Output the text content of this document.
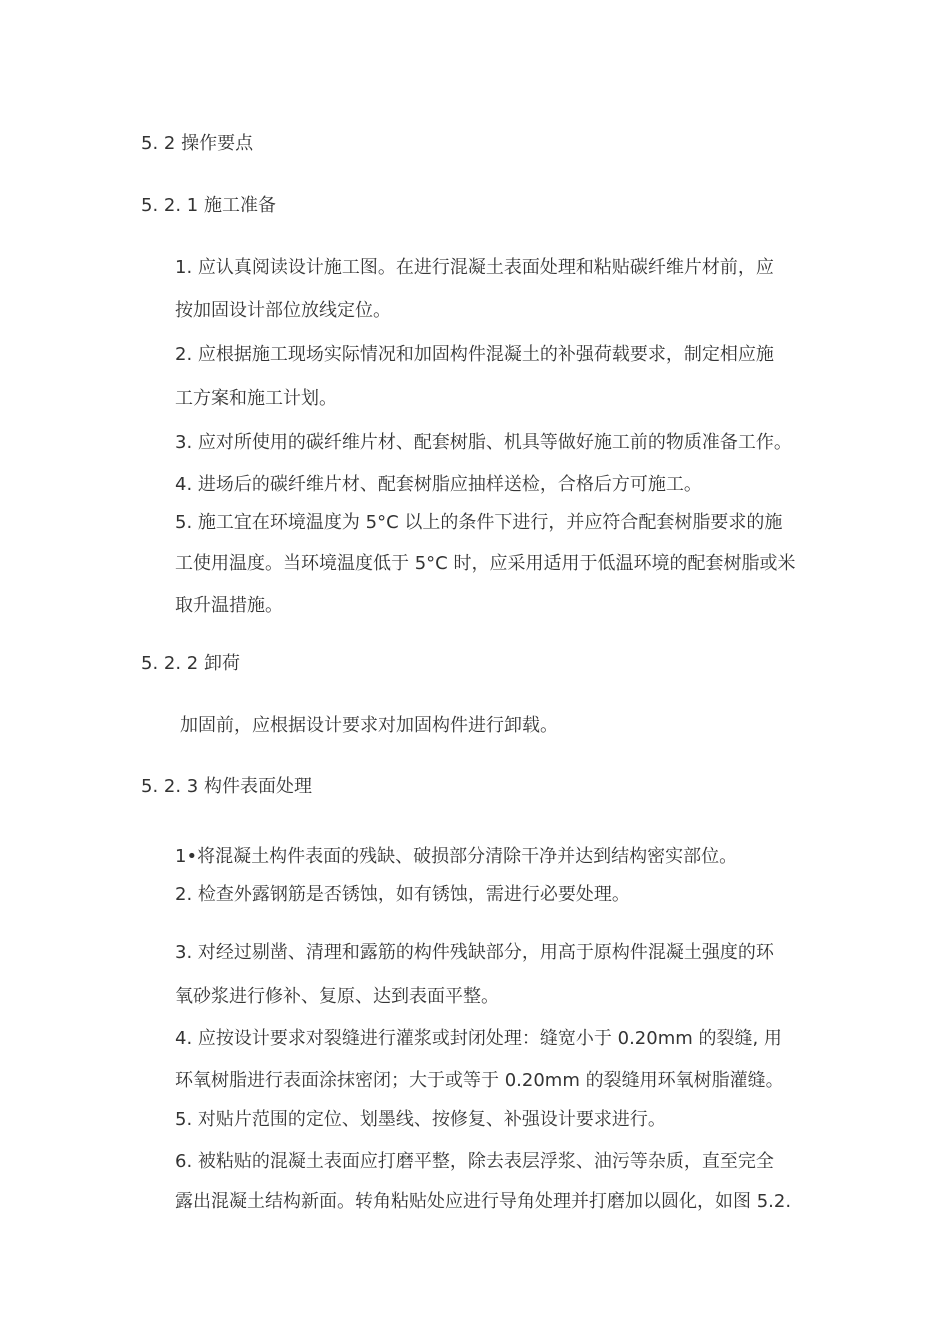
5. 2 操作要点
5. 2. 1 施工准备
1. 应认真阅读设计施工图。在进行混凝土表面处理和粘贴碳纤维片材前，应
按加固设计部位放线定位。
2. 应根据施工现场实际情况和加固构件混凝土的补强荷载要求，制定相应施
工方案和施工计划。
3. 应对所使用的碳纤维片材、配套树脂、机具等做好施工前的物质准备工作。
4. 进场后的碳纤维片材、配套树脂应抽样送检，合格后方可施工。
5. 施工宜在环境温度为 5°C 以上的条件下进行，并应符合配套树脂要求的施
工使用温度。当环境温度低于 5°C 时，应采用适用于低温环境的配套树脂或米
取升温措施。
5. 2. 2 卸荷
加固前，应根据设计要求对加固构件进行卸载。
5. 2. 3 构件表面处理
1•将混凝土构件表面的残缺、破损部分清除干净并达到结构密实部位。
2. 检查外露钢筋是否锈蚀，如有锈蚀，需进行必要处理。
3. 对经过剔凿、清理和露筋的构件残缺部分，用高于原构件混凝土强度的环
氧砂浆进行修补、复原、达到表面平整。
4. 应按设计要求对裂缝进行灌浆或封闭处理：缝宽小于 0.20mm 的裂缝, 用
环氧树脂进行表面涂抹密闭；大于或等于 0.20mm 的裂缝用环氧树脂灌缝。
5. 对贴片范围的定位、划墨线、按修复、补强设计要求进行。
6. 被粘贴的混凝土表面应打磨平整，除去表层浮浆、油污等杂质，直至完全
露出混凝土结构新面。转角粘贴处应进行导角处理并打磨加以圆化，如图 5.2.
